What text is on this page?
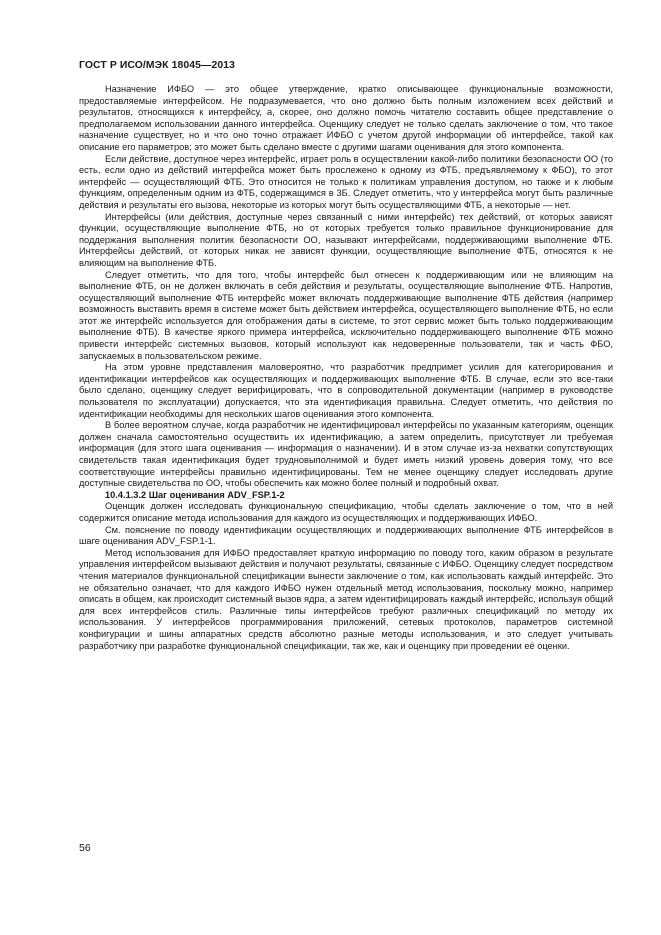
ГОСТ Р ИСО/МЭК 18045—2013

Назначение ИФБО — это общее утверждение, кратко описывающее функциональные возможности, предоставляемые интерфейсом. Не подразумевается, что оно должно быть полным изложением всех действий и результатов, относящихся к интерфейсу, а, скорее, оно должно помочь читателю составить общее представление о предполагаемом использовании данного интерфейса. Оценщику следует не только сделать заключение о том, что такое назначение существует, но и что оно точно отражает ИФБО с учетом другой информации об интерфейсе, такой как описание его параметров; это может быть сделано вместе с другими шагами оценивания для этого компонента.

Если действие, доступное через интерфейс, играет роль в осуществлении какой-либо политики безопасности ОО (то есть, если одно из действий интерфейса может быть прослежено к одному из ФТБ, предъявляемому к ФБО), то этот интерфейс — осуществляющий ФТБ. Это относится не только к политикам управления доступом, но также и к любым функциям, определенным одним из ФТБ, содержащимся в 3Б. Следует отметить, что у интерфейса могут быть различные действия и результаты его вызова, некоторые из которых могут быть осуществляющими ФТБ, а некоторые — нет.

Интерфейсы (или действия, доступные через связанный с ними интерфейс) тех действий, от которых зависят функции, осуществляющие выполнение ФТБ, но от которых требуется только правильное функционирование для поддержания выполнения политик безопасности ОО, называют интерфейсами, поддерживающими выполнение ФТБ. Интерфейсы действий, от которых никак не зависят функции, осуществляющие выполнение ФТБ, относятся к не влияющим на выполнение ФТБ.

Следует отметить, что для того, чтобы интерфейс был отнесен к поддерживающим или не влияющим на выполнение ФТБ, он не должен включать в себя действия и результаты, осуществляющие выполнение ФТБ. Напротив, осуществляющий выполнение ФТБ интерфейс может включать поддерживающие выполнение ФТБ действия (например возможность выставить время в системе может быть действием интерфейса, осуществляющего выполнение ФТБ, но если этот же интерфейс используется для отображения даты в системе, то этот сервис может быть только поддерживающим выполнение ФТБ). В качестве яркого примера интерфейса, исключительно поддерживающего выполнение ФТБ можно привести интерфейс системных вызовов, который используют как недоверенные пользователи, так и часть ФБО, запускаемых в пользовательском режиме.

На этом уровне представления маловероятно, что разработчик предпримет усилия для категорирования и идентификации интерфейсов как осуществляющих и поддерживающих выполнение ФТБ. В случае, если это все-таки было сделано, оценщику следует верифицировать, что в сопроводительной документации (например в руководстве пользователя по эксплуатации) допускается, что эта идентификация правильна. Следует отметить, что действия по идентификации необходимы для нескольких шагов оценивания этого компонента.

В более вероятном случае, когда разработчик не идентифицировал интерфейсы по указанным категориям, оценщик должен сначала самостоятельно осуществить их идентификацию, а затем определить, присутствует ли требуемая информация (для этого шага оценивания — информация о назначении). И в этом случае из-за нехватки сопутствующих свидетельств такая идентификация будет трудновыполнимой и будет иметь низкий уровень доверия тому, что все соответствующие интерфейсы правильно идентифицированы. Тем не менее оценщику следует исследовать другие доступные свидетельства по ОО, чтобы обеспечить как можно более полный и подробный охват.

10.4.1.3.2 Шаг оценивания ADV_FSP.1-2

Оценщик должен исследовать функциональную спецификацию, чтобы сделать заключение о том, что в ней содержится описание метода использования для каждого из осуществляющих и поддерживающих ИФБО.

См. пояснение по поводу идентификации осуществляющих и поддерживающих выполнение ФТБ интерфейсов в шаге оценивания ADV_FSP.1-1.

Метод использования для ИФБО предоставляет краткую информацию по поводу того, каким образом в результате управления интерфейсом вызывают действия и получают результаты, связанные с ИФБО. Оценщику следует посредством чтения материалов функциональной спецификации вынести заключение о том, как использовать каждый интерфейс. Это не обязательно означает, что для каждого ИФБО нужен отдельный метод использования, поскольку можно, например описать в общем, как происходит системный вызов ядра, а затем идентифицировать каждый интерфейс, используя общий для всех интерфейсов стиль. Различные типы интерфейсов требуют различных спецификаций по методу их использования. У интерфейсов программирования приложений, сетевых протоколов, параметров системной конфигурации и шины аппаратных средств абсолютно разные методы использования, и это следует учитывать разработчику при разработке функциональной спецификации, так же, как и оценщику при проведении её оценки.

56
